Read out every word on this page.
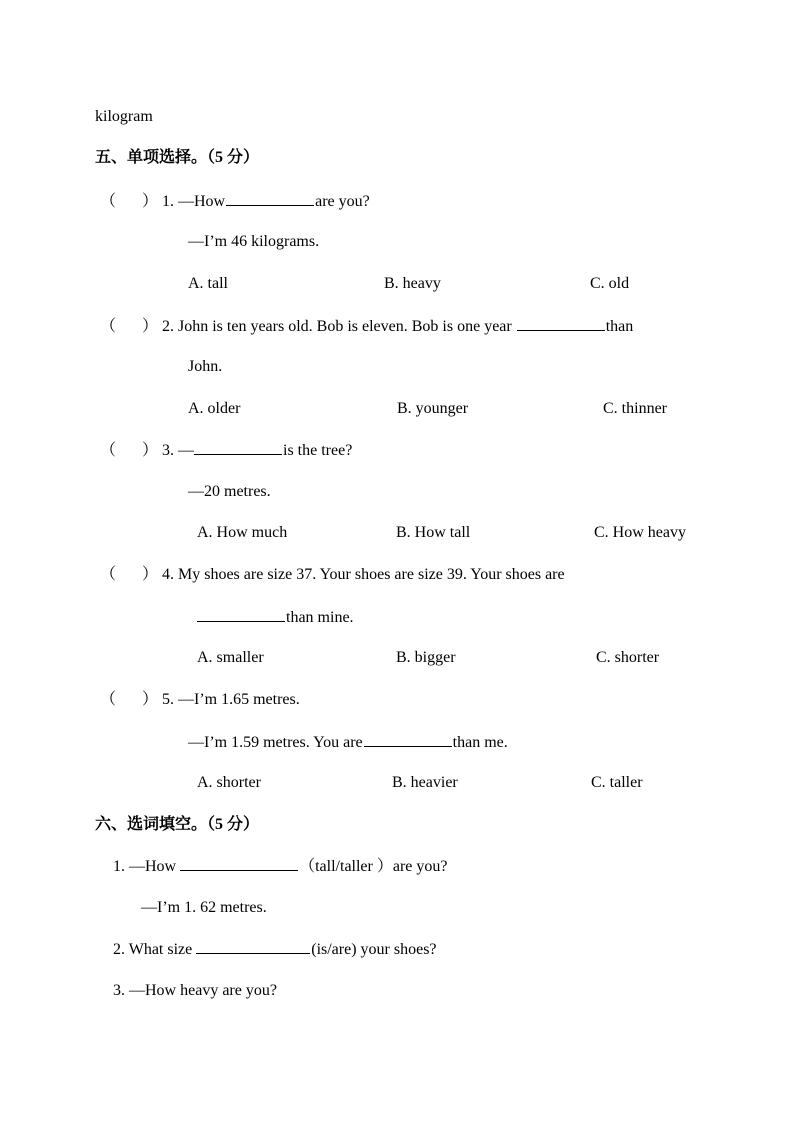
kilogram
五、单项选择。（5 分）
（ ） 1. —How	are you?
—I’m 46 kilograms.
A. tall	B. heavy	C. old
（ ） 2. John is ten years old. Bob is eleven. Bob is one year	than
John.
A. older	B. younger	C. thinner
（ ） 3. —	is the tree?
—20 metres.
A. How much	B. How tall	C. How heavy
（ ） 4. My shoes are size 37. Your shoes are size 39. Your shoes are
than mine.
A. smaller	B. bigger	C. shorter
（ ） 5. —I’m 1.65 metres.
—I’m 1.59 metres. You are	than me.
A. shorter	B. heavier	C. taller
六、选词填空。（5 分）
1. —How	（tall/taller ）are you?
—I’m 1. 62 metres.
2. What size	(is/are) your shoes?
3. —How heavy are you?
